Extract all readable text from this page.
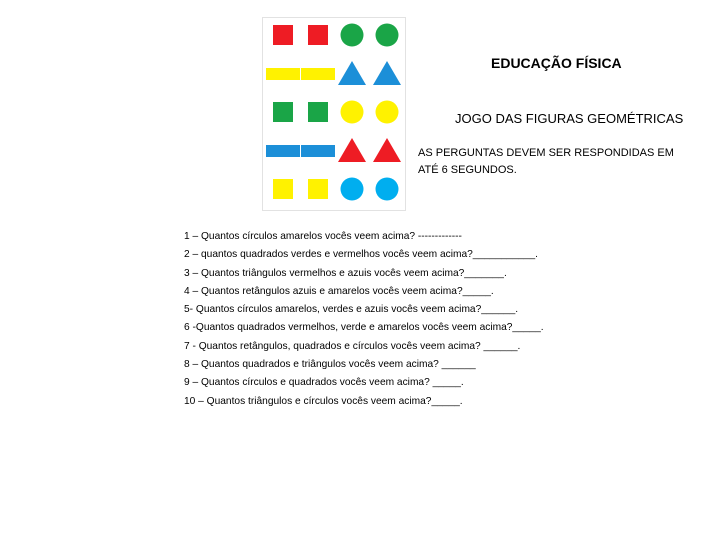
EDUCAÇÃO FÍSICA
JOGO DAS FIGURAS GEOMÉTRICAS
AS PERGUNTAS DEVEM SER RESPONDIDAS EM ATÉ 6 SEGUNDOS.
1 – Quantos círculos amarelos vocês veem acima? -------------
2 – quantos quadrados verdes e vermelhos vocês veem acima?___________.
3 – Quantos triângulos vermelhos e azuis vocês veem acima?_______.
4 – Quantos retângulos azuis e amarelos vocês veem acima?_____.
5- Quantos círculos amarelos, verdes e azuis vocês veem acima?______.
6 -Quantos quadrados vermelhos, verde e amarelos vocês veem acima?_____.
7 - Quantos retângulos, quadrados e círculos vocês veem acima? ______.
8 – Quantos quadrados e triângulos vocês veem acima? ______
9 – Quantos círculos e quadrados vocês veem acima? _____.
10 – Quantos triângulos e círculos vocês veem acima?_____.
